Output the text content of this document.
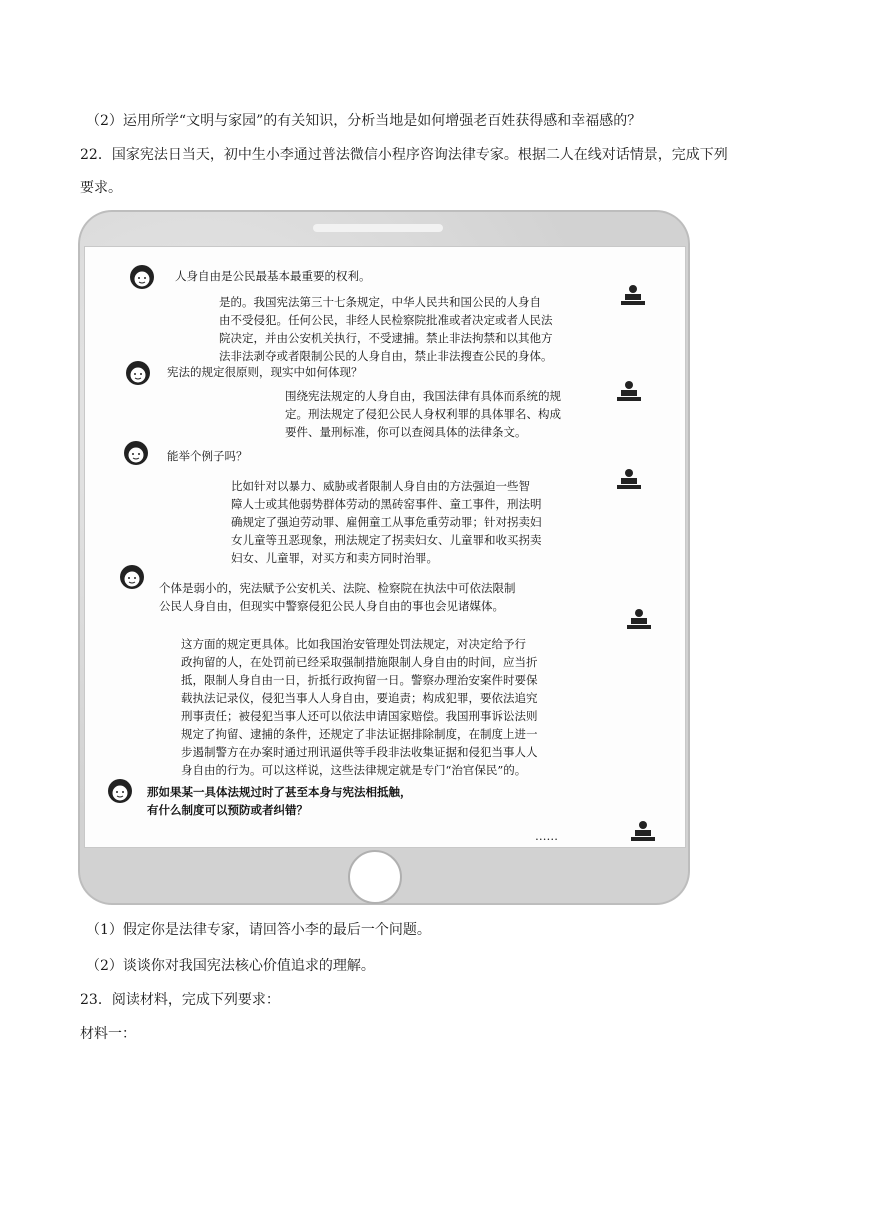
（2）运用所学“文明与家园”的有关知识，分析当地是如何增强老百姓获得感和幸福感的？
22．国家宪法日当天，初中生小李通过普法微信小程序咨询法律专家。根据二人在线对话情景，完成下列
要求。
人身自由是公民最基本最重要的权利。
是的。我国宪法第三十七条规定，中华人民共和国公民的人身自
由不受侵犯。任何公民，非经人民检察院批准或者决定或者人民法
院决定，并由公安机关执行，不受逮捕。禁止非法拘禁和以其他方
法非法剥夺或者限制公民的人身自由，禁止非法搜查公民的身体。
宪法的规定很原则，现实中如何体现？
围绕宪法规定的人身自由，我国法律有具体而系统的规
定。刑法规定了侵犯公民人身权利罪的具体罪名、构成
要件、量刑标准，你可以查阅具体的法律条文。
能举个例子吗？
比如针对以暴力、威胁或者限制人身自由的方法强迫一些智
障人士或其他弱势群体劳动的黑砖窑事件、童工事件，刑法明
确规定了强迫劳动罪、雇佣童工从事危重劳动罪；针对拐卖妇
女儿童等丑恶现象，刑法规定了拐卖妇女、儿童罪和收买拐卖
妇女、儿童罪，对买方和卖方同时治罪。
个体是弱小的，宪法赋予公安机关、法院、检察院在执法中可依法限制
公民人身自由，但现实中警察侵犯公民人身自由的事也会见诸媒体。
这方面的规定更具体。比如我国治安管理处罚法规定，对决定给予行
政拘留的人，在处罚前已经采取强制措施限制人身自由的时间，应当折
抵，限制人身自由一日，折抵行政拘留一日。警察办理治安案件时要保
载执法记录仪，侵犯当事人人身自由，要追责；构成犯罪，要依法追究
刑事责任；被侵犯当事人还可以依法申请国家赔偿。我国刑事诉讼法则
规定了拘留、逮捕的条件，还规定了非法证据排除制度，在制度上进一
步遏制警方在办案时通过刑讯逼供等手段非法收集证据和侵犯当事人人
身自由的行为。可以这样说，这些法律规定就是专门“治官保民”的。
那如果某一具体法规过时了甚至本身与宪法相抵触，
有什么制度可以预防或者纠错？
……
（1）假定你是法律专家，请回答小李的最后一个问题。
（2）谈谈你对我国宪法核心价值追求的理解。
23．阅读材料，完成下列要求：
材料一：
